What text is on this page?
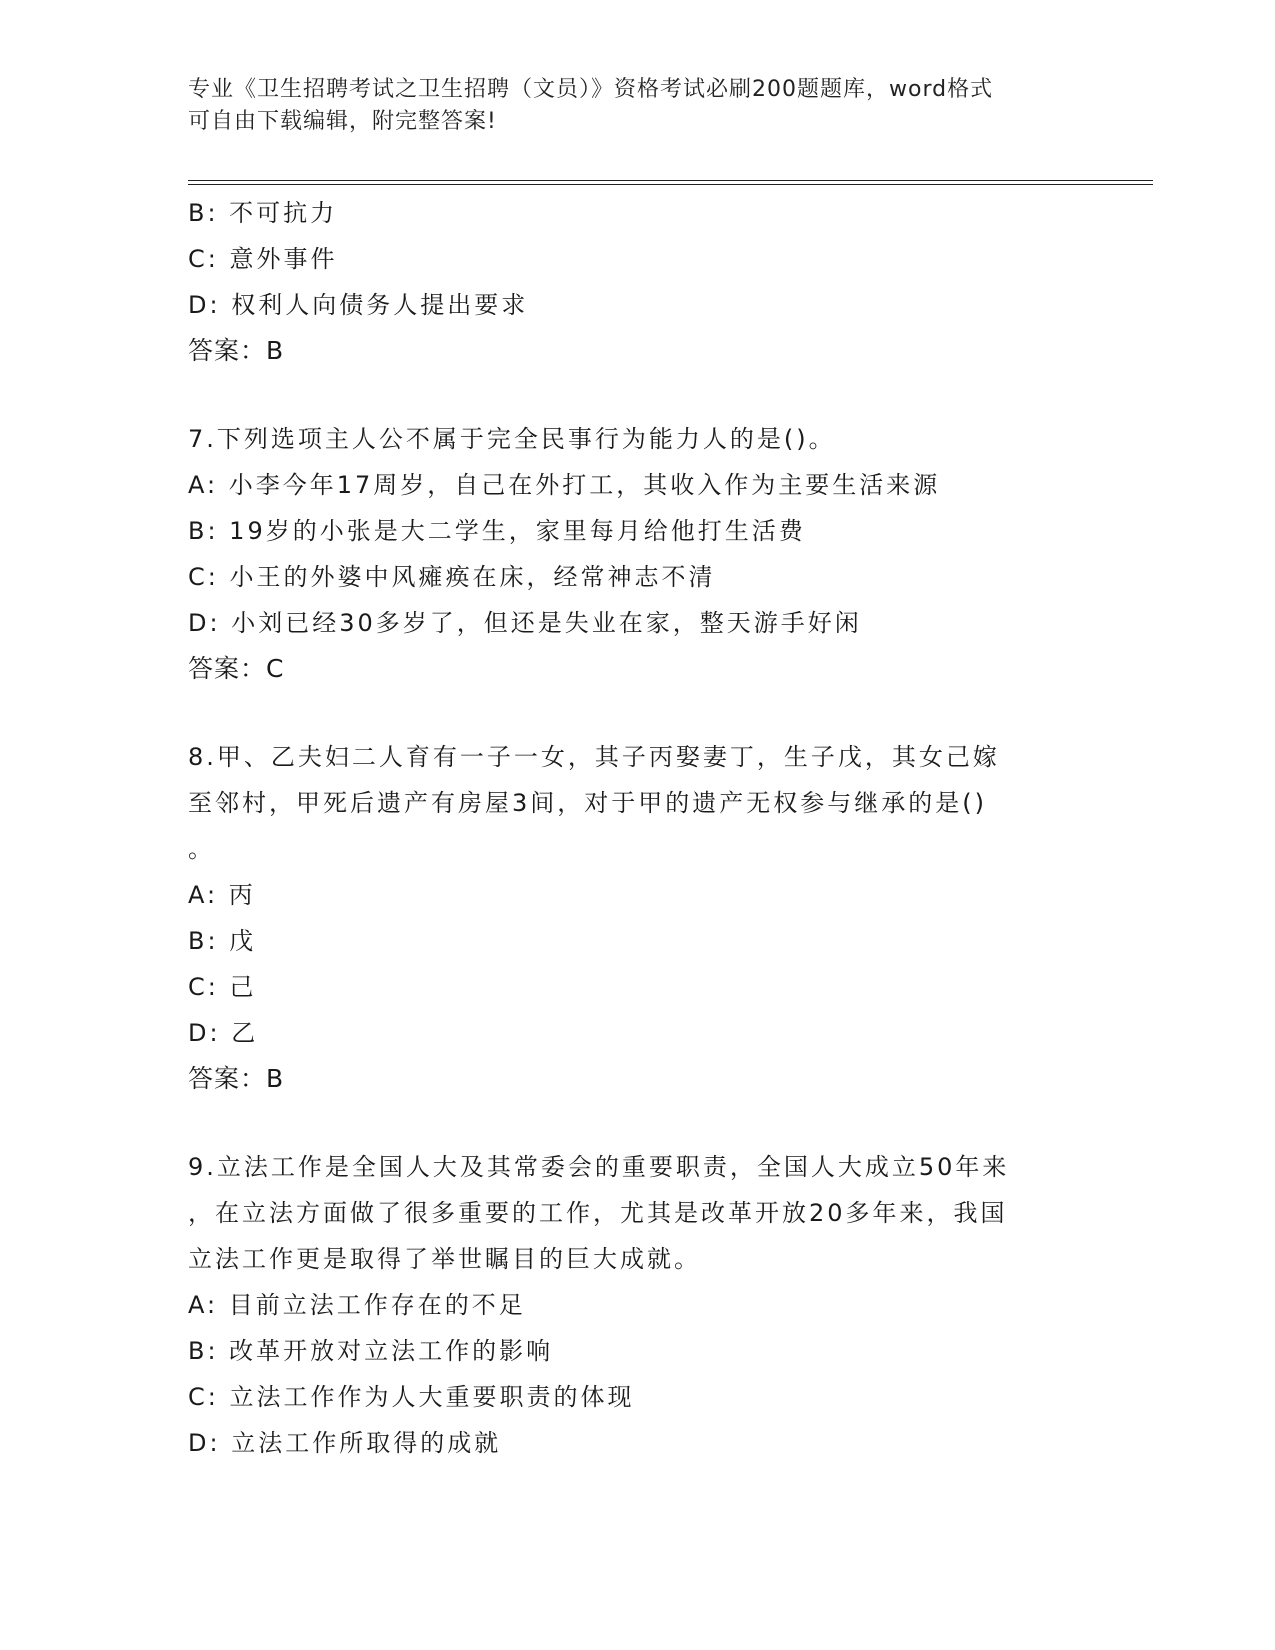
专业《卫生招聘考试之卫生招聘（文员）》资格考试必刷200题题库，word格式
可自由下载编辑，附完整答案!
B: 不可抗力
C: 意外事件
D: 权利人向债务人提出要求
答案：B
7.下列选项主人公不属于完全民事行为能力人的是()。
A: 小李今年17周岁，自己在外打工，其收入作为主要生活来源
B: 19岁的小张是大二学生，家里每月给他打生活费
C: 小王的外婆中风瘫痪在床，经常神志不清
D: 小刘已经30多岁了，但还是失业在家，整天游手好闲
答案：C
8.甲、乙夫妇二人育有一子一女，其子丙娶妻丁，生子戊，其女己嫁
至邻村，甲死后遗产有房屋3间，对于甲的遗产无权参与继承的是()
。
A: 丙
B: 戊
C: 己
D: 乙
答案：B
9.立法工作是全国人大及其常委会的重要职责，全国人大成立50年来
，在立法方面做了很多重要的工作，尤其是改革开放20多年来，我国
立法工作更是取得了举世瞩目的巨大成就。
A: 目前立法工作存在的不足
B: 改革开放对立法工作的影响
C: 立法工作作为人大重要职责的体现
D: 立法工作所取得的成就
